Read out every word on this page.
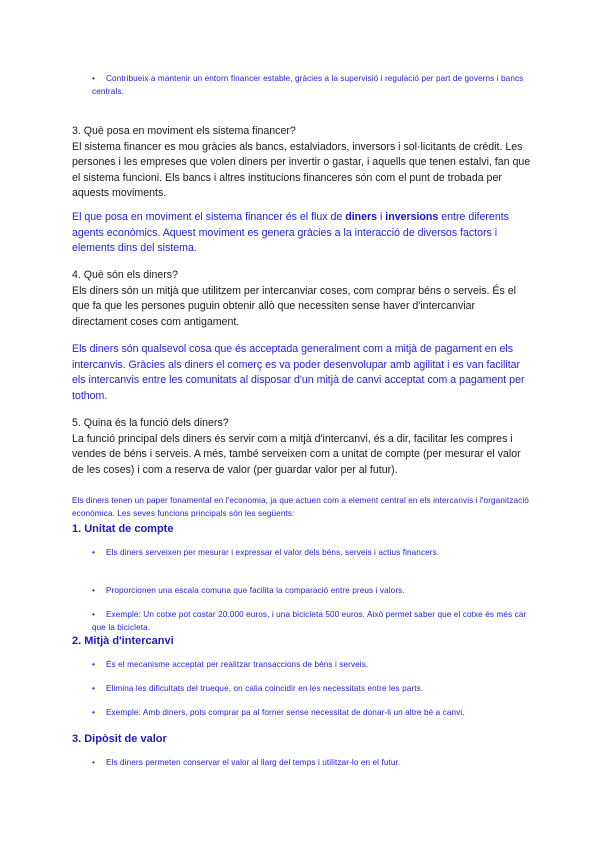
• Contribueix a mantenir un entorn financer estable, gràcies a la supervisió i regulació per part de governs i bancs centrals.

3. Què posa en moviment els sistema financer?

El sistema financer es mou gràcies als bancs, estalviadors, inversors i sol·licitants de crèdit. Les persones i les empreses que volen diners per invertir o gastar, i aquells que tenen estalvi, fan que el sistema funcioni. Els bancs i altres institucions financeres són com el punt de trobada per aquests moviments.

El que posa en moviment el sistema financer és el flux de diners i inversions entre diferents agents econòmics. Aquest moviment es genera gràcies a la interacció de diversos factors i elements dins del sistema.

4. Què són els diners?

Els diners són un mitjà que utilitzem per intercanviar coses, com comprar béns o serveis. És el que fa que les persones puguin obtenir allò que necessiten sense haver d'intercanviar directament coses com antigament.

Els diners són qualsevol cosa que és acceptada generalment com a mitjà de pagament en els intercanvis. Gràcies als diners el comerç es va poder desenvolupar amb agilitat i es van facilitar els intercanvis entre les comunitats al disposar d'un mitjà de canvi acceptat com a pagament per tothom.

5. Quina és la funció dels diners?

La funció principal dels diners és servir com a mitjà d'intercanvi, és a dir, facilitar les compres i vendes de béns i serveis. A més, també serveixen com a unitat de compte (per mesurar el valor de les coses) i com a reserva de valor (per guardar valor per al futur).

Els diners tenen un paper fonamental en l'economia, ja que actuen com a element central en els intercanvis i l'organització econòmica. Les seves funcions principals són les següents:
1. Unitat de compte
• Els diners serveixen per mesurar i expressar el valor dels béns, serveis i actius financers.
• Proporcionen una escala comuna que facilita la comparació entre preus i valors.
• Exemple: Un cotxe pot costar 20.000 euros, i una bicicleta 500 euros. Això permet saber que el cotxe és més car que la bicicleta.
2. Mitjà d'intercanvi
• És el mecanisme acceptat per realitzar transaccions de béns i serveis.
• Elimina les dificultats del trueque, on calia coincidir en les necessitats entre les parts.
• Exemple: Amb diners, pots comprar pa al forner sense necessitat de donar-li un altre bé a canvi.
3. Dipòsit de valor
• Els diners permeten conservar el valor al llarg del temps i utilitzar-lo en el futur.
